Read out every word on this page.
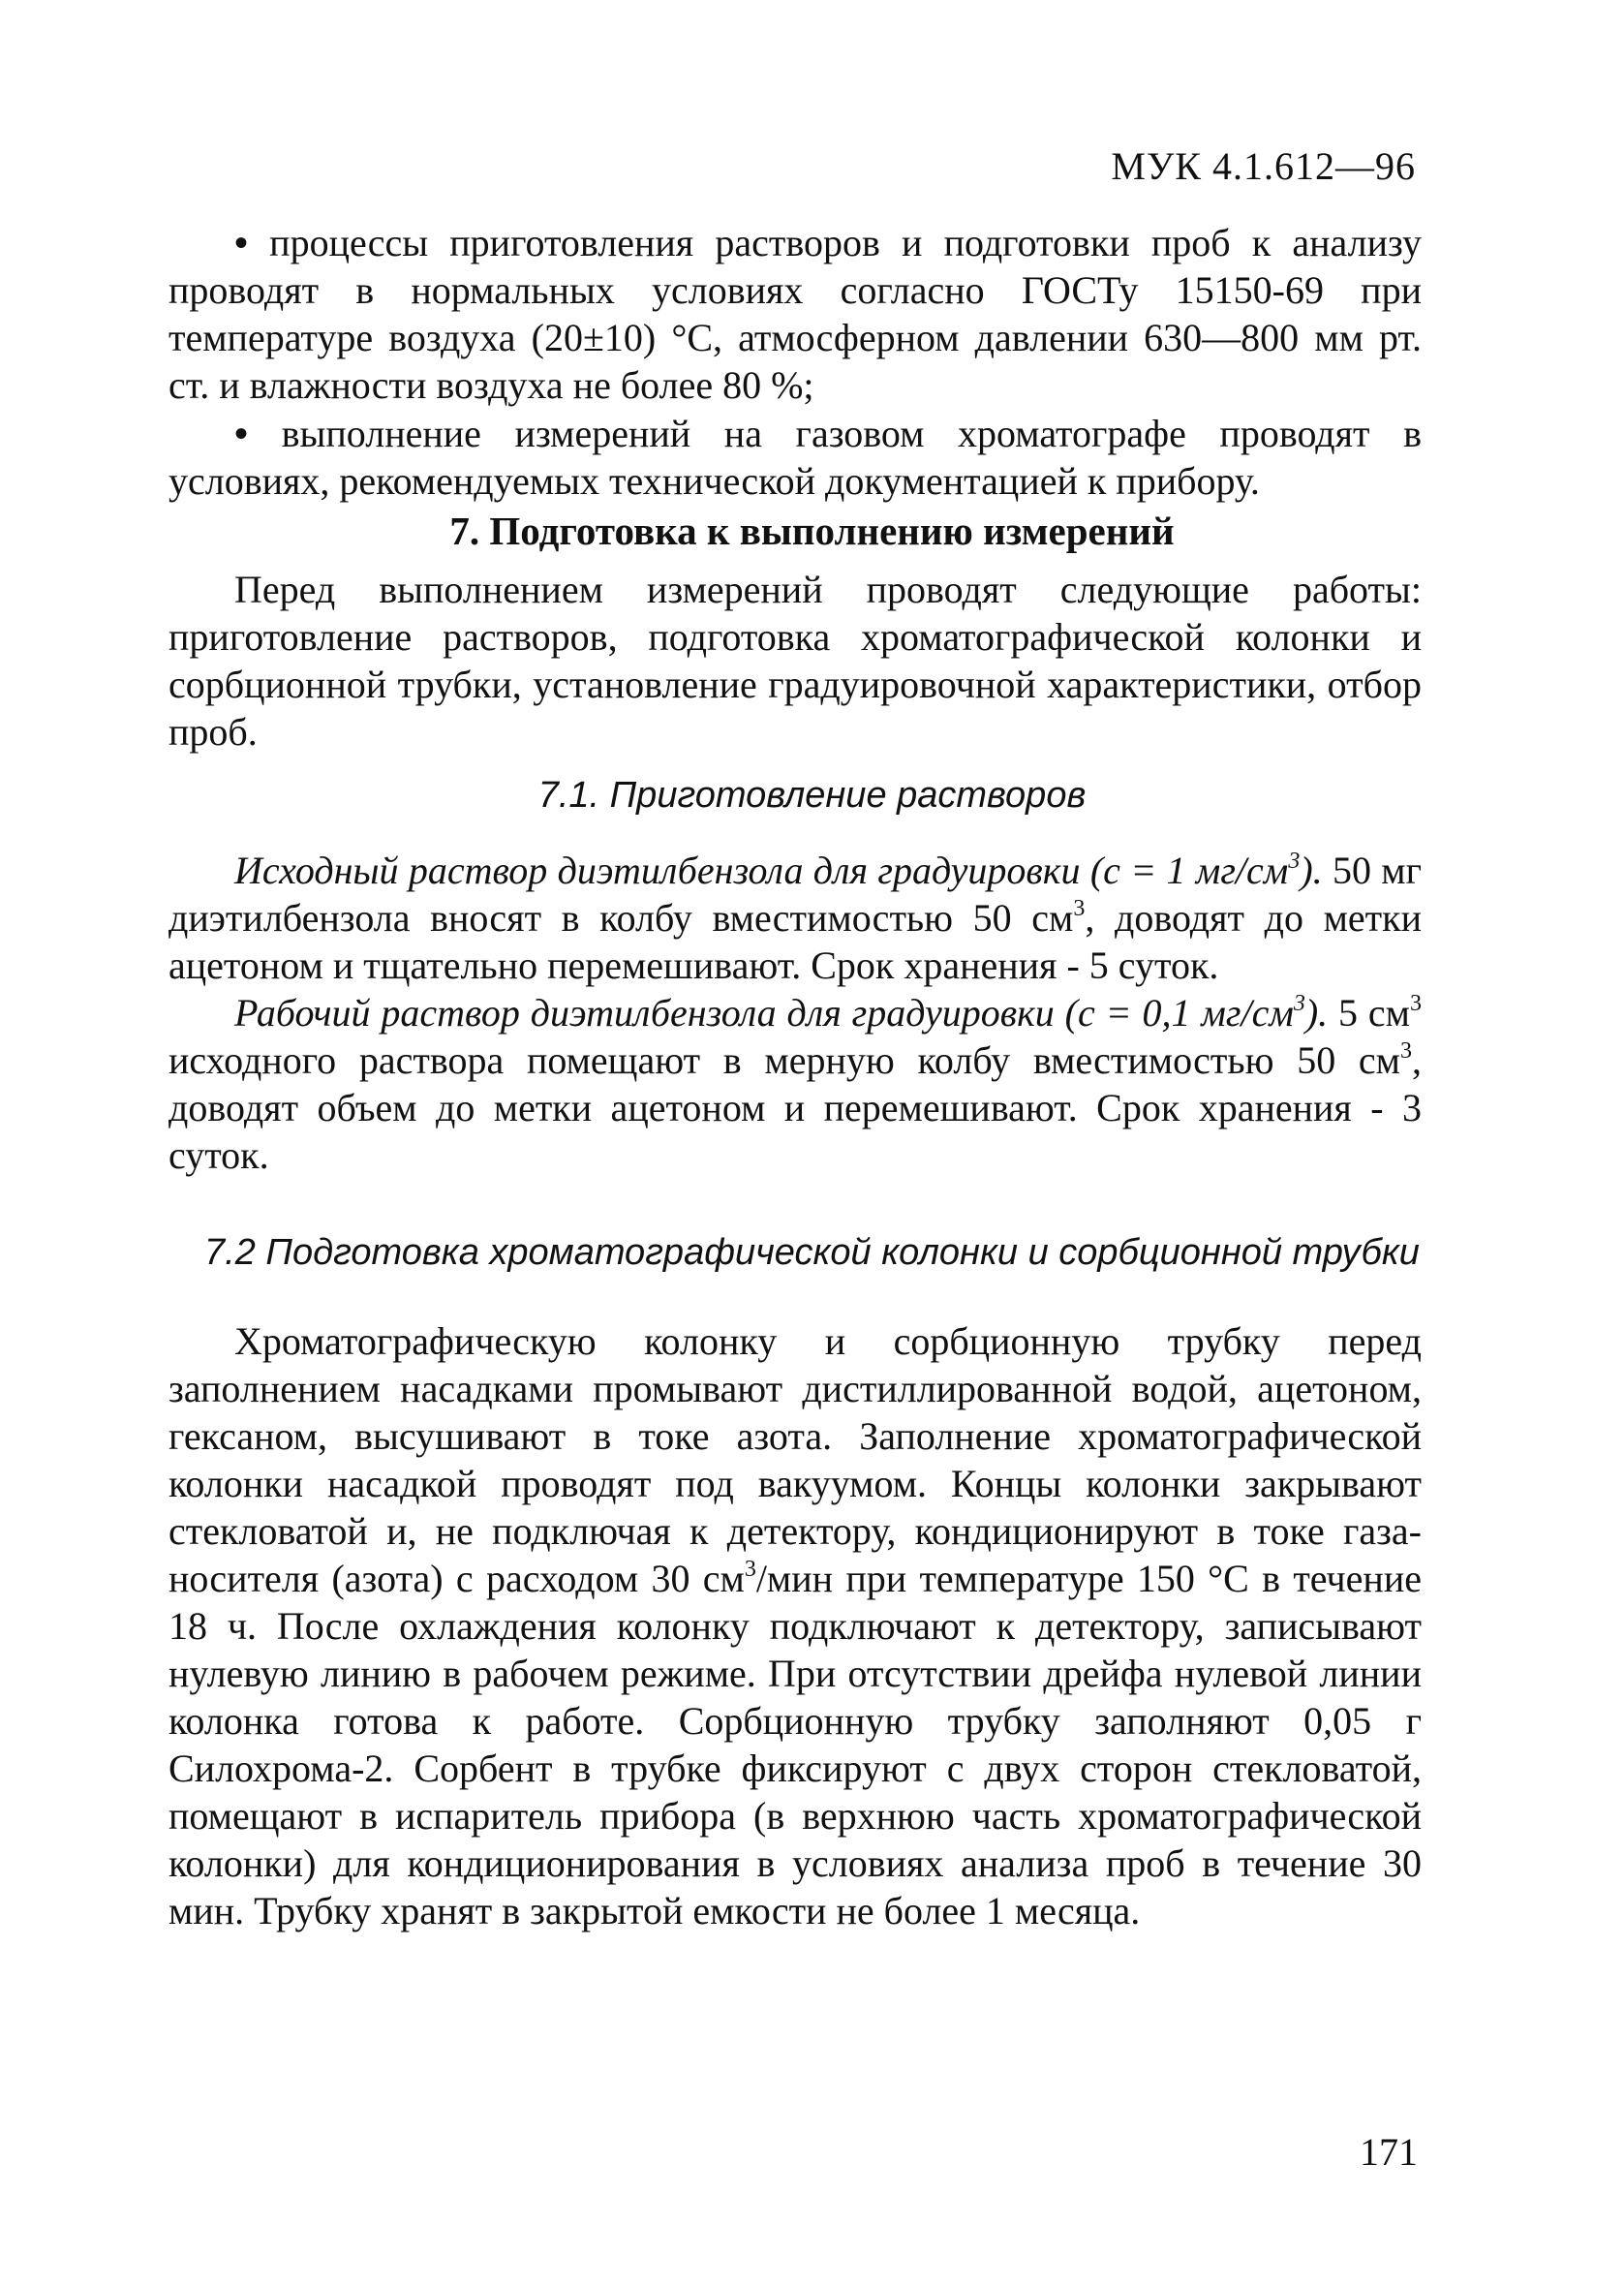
МУК 4.1.612—96

• процессы приготовления растворов и подготовки проб к анализу проводят в нормальных условиях согласно ГОСТу 15150-69 при температуре воздуха (20±10) °С, атмосферном давлении 630—800 мм рт. ст. и влажности воздуха не более 80 %;

• выполнение измерений на газовом хроматографе проводят в условиях, рекомендуемых технической документацией к прибору.

7. Подготовка к выполнению измерений

Перед выполнением измерений проводят следующие работы: приготовление растворов, подготовка хроматографической колонки и сорбционной трубки, установление градуировочной характеристики, отбор проб.

7.1. Приготовление растворов

Исходный раствор диэтилбензола для градуировки (с = 1 $мг/см^3$). 50 мг диэтилбензола вносят в колбу вместимостью 50 $см^3$, доводят до метки ацетоном и тщательно перемешивают. Срок хранения - 5 суток.

Рабочий раствор диэтилбензола для градуировки (с = 0,1 $мг/см^3$). 5 $см^3$ исходного раствора помещают в мерную колбу вместимостью 50 $см^3$, доводят объем до метки ацетоном и перемешивают. Срок хранения - 3 суток.

7.2 Подготовка хроматографической колонки и сорбционной трубки

Хроматографическую колонку и сорбционную трубку перед заполнением насадками промывают дистиллированной водой, ацетоном, гексаном, высушивают в токе азота. Заполнение хроматографической колонки насадкой проводят под вакуумом. Концы колонки закрывают стекловатой и, не подключая к детектору, кондиционируют в токе газа-носителя (азота) с расходом 30 $см^3$/мин при температуре 150 °С в течение 18 ч. После охлаждения колонку подключают к детектору, записывают нулевую линию в рабочем режиме. При отсутствии дрейфа нулевой линии колонка готова к работе. Сорбционную трубку заполняют 0,05 г Силохрома-2. Сорбент в трубке фиксируют с двух сторон стекловатой, помещают в испаритель прибора (в верхнюю часть хроматографической колонки) для кондиционирования в условиях анализа проб в течение 30 мин. Трубку хранят в закрытой емкости не более 1 месяца.

171
